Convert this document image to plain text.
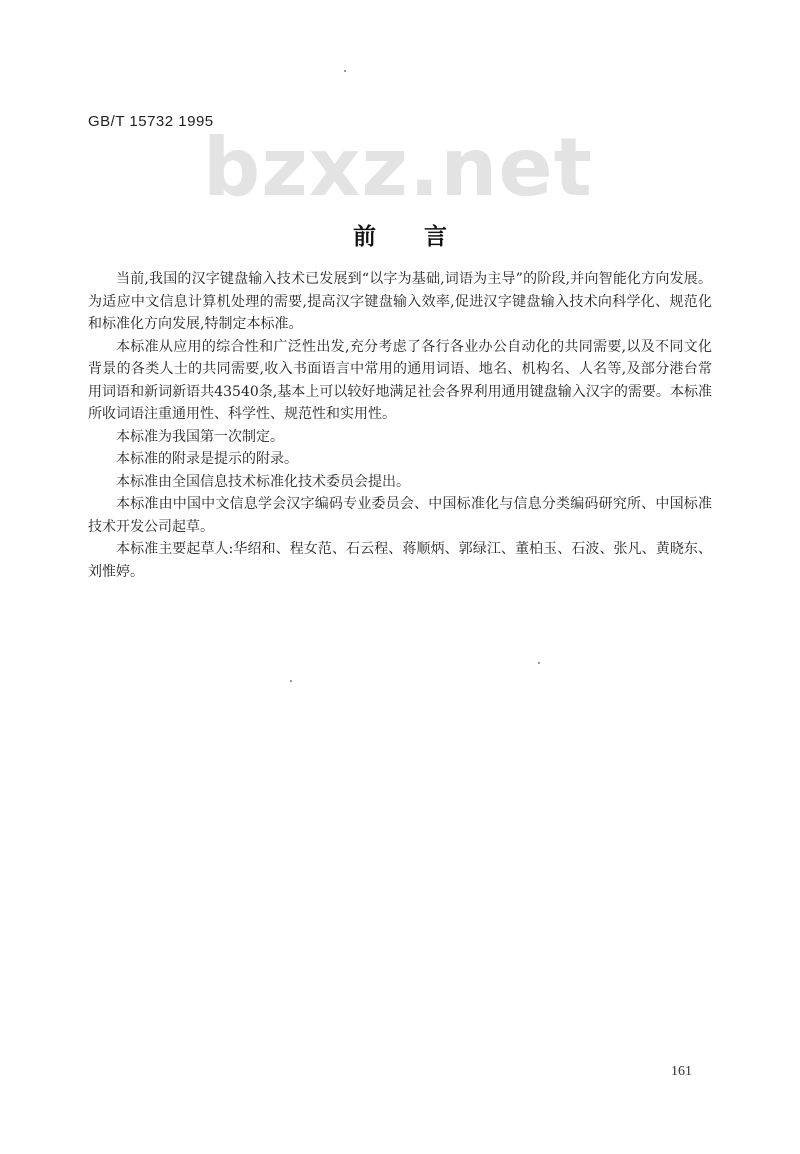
bzxz.net
GB/T 15732 1995
前言

当前,我国的汉字键盘输入技术已发展到“以字为基础,词语为主导”的阶段,并向智能化方向发展。为适应中文信息计算机处理的需要,提高汉字键盘输入效率,促进汉字键盘输入技术向科学化、规范化和标准化方向发展,特制定本标准。

本标准从应用的综合性和广泛性出发,充分考虑了各行各业办公自动化的共同需要,以及不同文化背景的各类人士的共同需要,收入书面语言中常用的通用词语、地名、机构名、人名等,及部分港台常用词语和新词新语共43540条,基本上可以较好地满足社会各界利用通用键盘输入汉字的需要。本标准所收词语注重通用性、科学性、规范性和实用性。

本标准为我国第一次制定。

本标准的附录是提示的附录。

本标准由全国信息技术标准化技术委员会提出。

本标准由中国中文信息学会汉字编码专业委员会、中国标准化与信息分类编码研究所、中国标准技术开发公司起草。

本标准主要起草人:华绍和、程女范、石云程、蒋顺炳、郭绿江、董柏玉、石波、张凡、黄晓东、刘惟婷。

161
